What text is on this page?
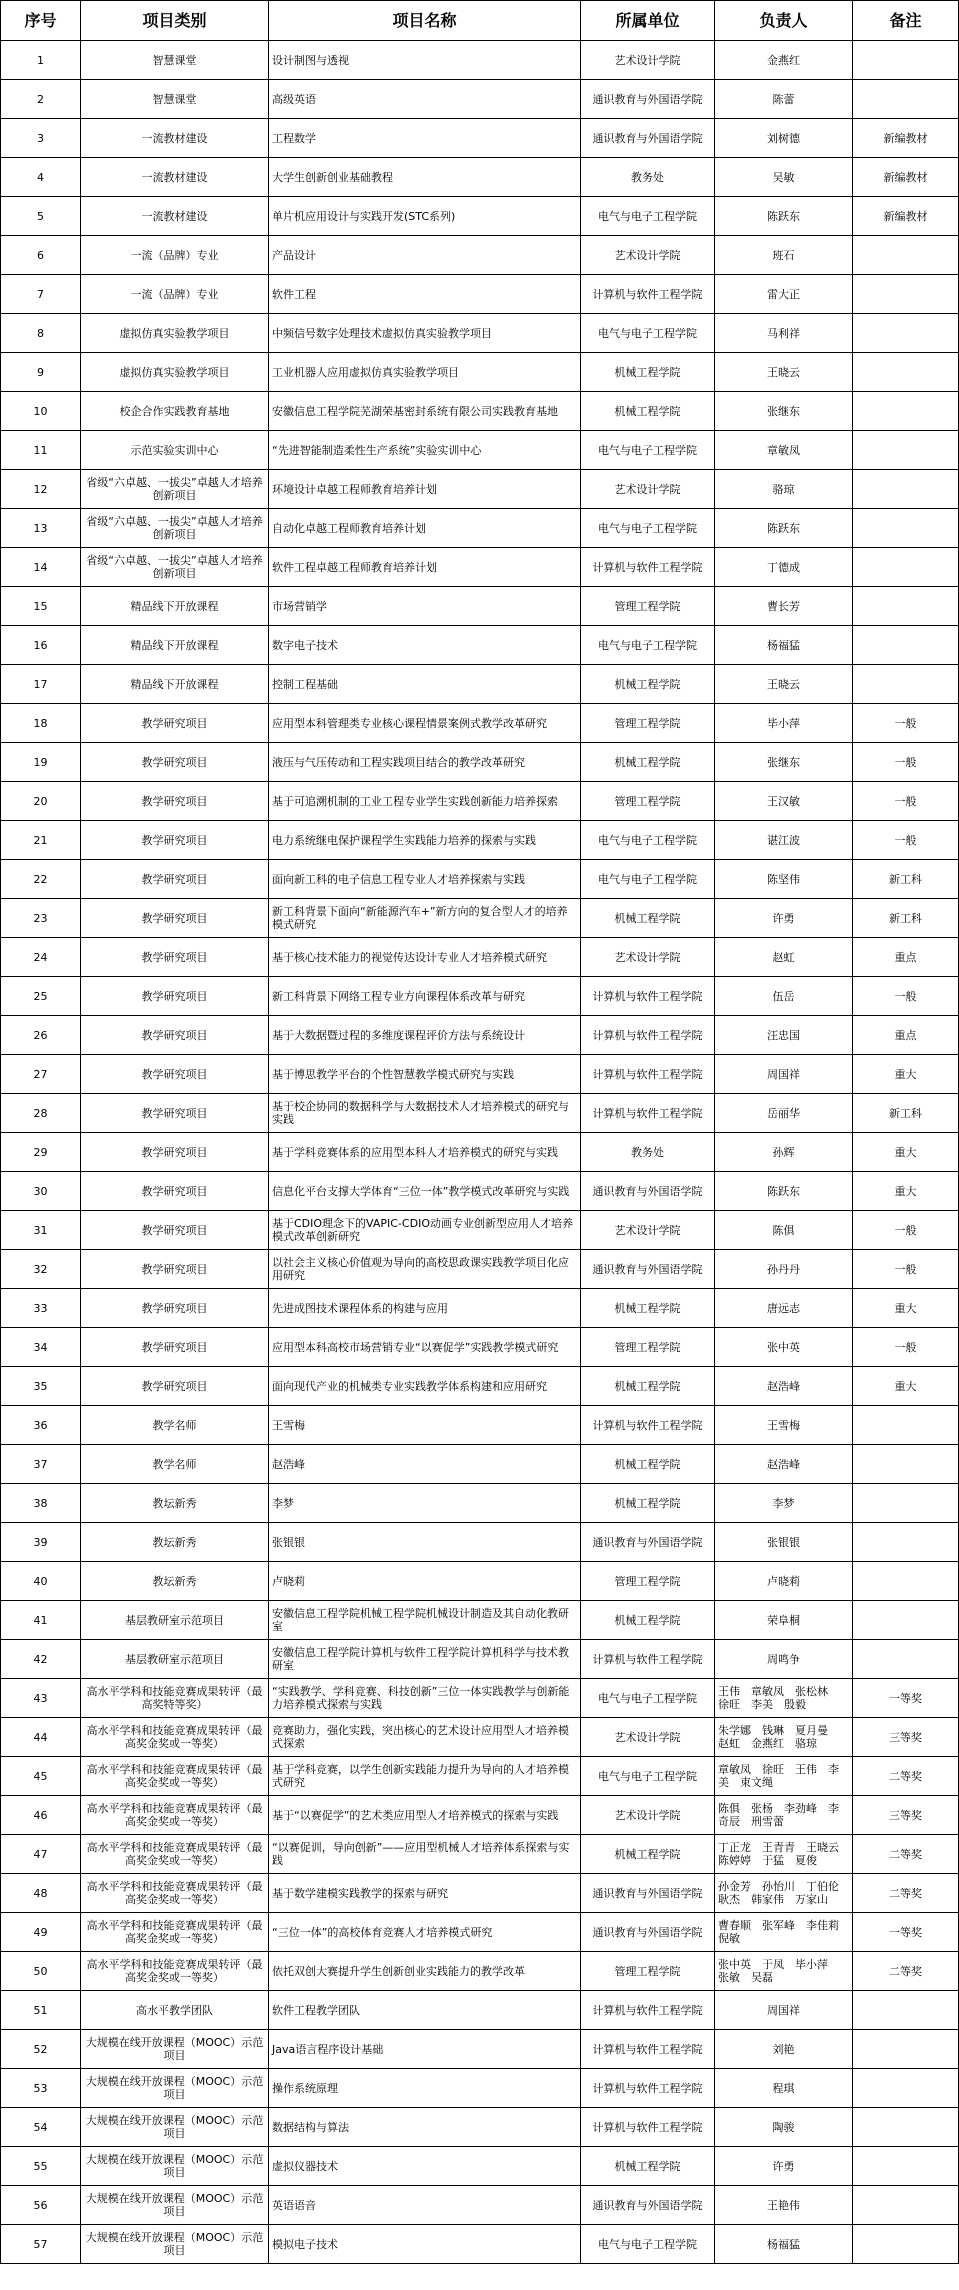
序号	项目类别	项目名称	所属单位	负责人	备注
1	智慧课堂	设计制图与透视	艺术设计学院	金燕红	
2	智慧课堂	高级英语	通识教育与外国语学院	陈蕾	
3	一流教材建设	工程数学	通识教育与外国语学院	刘树德	新编教材
4	一流教材建设	大学生创新创业基础教程	教务处	吴敏	新编教材
5	一流教材建设	单片机应用设计与实践开发(STC系列)	电气与电子工程学院	陈跃东	新编教材
6	一流（品牌）专业	产品设计	艺术设计学院	班石	
7	一流（品牌）专业	软件工程	计算机与软件工程学院	雷大正	
8	虚拟仿真实验教学项目	中频信号数字处理技术虚拟仿真实验教学项目	电气与电子工程学院	马利祥	
9	虚拟仿真实验教学项目	工业机器人应用虚拟仿真实验教学项目	机械工程学院	王晓云	
10	校企合作实践教育基地	安徽信息工程学院芜湖荣基密封系统有限公司实践教育基地	机械工程学院	张继东	
11	示范实验实训中心	“先进智能制造柔性生产系统”实验实训中心	电气与电子工程学院	章敏凤	
12	省级“六卓越、一拔尖”卓越人才培养创新项目	环境设计卓越工程师教育培养计划	艺术设计学院	骆琼	
13	省级“六卓越、一拔尖”卓越人才培养创新项目	自动化卓越工程师教育培养计划	电气与电子工程学院	陈跃东	
14	省级“六卓越、一拔尖”卓越人才培养创新项目	软件工程卓越工程师教育培养计划	计算机与软件工程学院	丁德成	
15	精品线下开放课程	市场营销学	管理工程学院	曹长芳	
16	精品线下开放课程	数字电子技术	电气与电子工程学院	杨福猛	
17	精品线下开放课程	控制工程基础	机械工程学院	王晓云	
18	教学研究项目	应用型本科管理类专业核心课程情景案例式教学改革研究	管理工程学院	毕小萍	一般
19	教学研究项目	液压与气压传动和工程实践项目结合的教学改革研究	机械工程学院	张继东	一般
20	教学研究项目	基于可追溯机制的工业工程专业学生实践创新能力培养探索	管理工程学院	王汉敏	一般
21	教学研究项目	电力系统继电保护课程学生实践能力培养的探索与实践	电气与电子工程学院	谌江波	一般
22	教学研究项目	面向新工科的电子信息工程专业人才培养探索与实践	电气与电子工程学院	陈坚伟	新工科
23	教学研究项目	新工科背景下面向“新能源汽车+”新方向的复合型人才的培养模式研究	机械工程学院	许勇	新工科
24	教学研究项目	基于核心技术能力的视觉传达设计专业人才培养模式研究	艺术设计学院	赵虹	重点
25	教学研究项目	新工科背景下网络工程专业方向课程体系改革与研究	计算机与软件工程学院	伍岳	一般
26	教学研究项目	基于大数据暨过程的多维度课程评价方法与系统设计	计算机与软件工程学院	汪忠国	重点
27	教学研究项目	基于博思教学平台的个性智慧教学模式研究与实践	计算机与软件工程学院	周国祥	重大
28	教学研究项目	基于校企协同的数据科学与大数据技术人才培养模式的研究与实践	计算机与软件工程学院	岳丽华	新工科
29	教学研究项目	基于学科竞赛体系的应用型本科人才培养模式的研究与实践	教务处	孙辉	重大
30	教学研究项目	信息化平台支撑大学体育“三位一体”教学模式改革研究与实践	通识教育与外国语学院	陈跃东	重大
31	教学研究项目	基于CDIO理念下的VAPIC-CDIO动画专业创新型应用人才培养模式改革创新研究	艺术设计学院	陈俱	一般
32	教学研究项目	以社会主义核心价值观为导向的高校思政课实践教学项目化应用研究	通识教育与外国语学院	孙丹丹	一般
33	教学研究项目	先进成图技术课程体系的构建与应用	机械工程学院	唐远志	重大
34	教学研究项目	应用型本科高校市场营销专业“以赛促学”实践教学模式研究	管理工程学院	张中英	一般
35	教学研究项目	面向现代产业的机械类专业实践教学体系构建和应用研究	机械工程学院	赵浩峰	重大
36	教学名师	王雪梅	计算机与软件工程学院	王雪梅	
37	教学名师	赵浩峰	机械工程学院	赵浩峰	
38	教坛新秀	李梦	机械工程学院	李梦	
39	教坛新秀	张银银	通识教育与外国语学院	张银银	
40	教坛新秀	卢晓莉	管理工程学院	卢晓莉	
41	基层教研室示范项目	安徽信息工程学院机械工程学院机械设计制造及其自动化教研室	机械工程学院	荣阜桐	
42	基层教研室示范项目	安徽信息工程学院计算机与软件工程学院计算机科学与技术教研室	计算机与软件工程学院	周鸣争	
43	高水平学科和技能竞赛成果转评（最高奖特等奖）	“实践教学、学科竞赛、科技创新”三位一体实践教学与创新能力培养模式探索与实践	电气与电子工程学院	王伟　章敏凤　张松林　徐旺　李美　殷毅	一等奖
44	高水平学科和技能竞赛成果转评（最高奖金奖或一等奖）	竞赛助力，强化实践，突出核心的艺术设计应用型人才培养模式探索	艺术设计学院	朱学娜　钱琳　夏月曼　赵虹　金燕红　骆琼	三等奖
45	高水平学科和技能竞赛成果转评（最高奖金奖或一等奖）	基于学科竞赛，以学生创新实践能力提升为导向的人才培养模式研究	电气与电子工程学院	章敏凤　徐旺　王伟　李美　束文绳	二等奖
46	高水平学科和技能竞赛成果转评（最高奖金奖或一等奖）	基于“以赛促学”的艺术类应用型人才培养模式的探索与实践	艺术设计学院	陈俱　张杨　李劲峰　李奇辰　刑雪蕾	三等奖
47	高水平学科和技能竞赛成果转评（最高奖金奖或一等奖）	“以赛促训，导向创新”——应用型机械人才培养体系探索与实践	机械工程学院	丁正龙　王青青　王晓云　陈婷婷　于猛　夏俊	二等奖
48	高水平学科和技能竞赛成果转评（最高奖金奖或一等奖）	基于数学建模实践教学的探索与研究	通识教育与外国语学院	孙金芳　孙怡川　丁伯伦　耿杰　韩家伟　万家山	二等奖
49	高水平学科和技能竞赛成果转评（最高奖金奖或一等奖）	“三位一体”的高校体育竞赛人才培养模式研究	通识教育与外国语学院	曹春顺　张军峰　李佳莉　倪敏	一等奖
50	高水平学科和技能竞赛成果转评（最高奖金奖或一等奖）	依托双创大赛提升学生创新创业实践能力的教学改革	管理工程学院	张中英　于凤　毕小萍　张敏　吴磊	二等奖
51	高水平教学团队	软件工程教学团队	计算机与软件工程学院	周国祥	
52	大规模在线开放课程（MOOC）示范项目	Java语言程序设计基础	计算机与软件工程学院	刘艳	
53	大规模在线开放课程（MOOC）示范项目	操作系统原理	计算机与软件工程学院	程琪	
54	大规模在线开放课程（MOOC）示范项目	数据结构与算法	计算机与软件工程学院	陶骏	
55	大规模在线开放课程（MOOC）示范项目	虚拟仪器技术	机械工程学院	许勇	
56	大规模在线开放课程（MOOC）示范项目	英语语音	通识教育与外国语学院	王艳伟	
57	大规模在线开放课程（MOOC）示范项目	模拟电子技术	电气与电子工程学院	杨福猛	
